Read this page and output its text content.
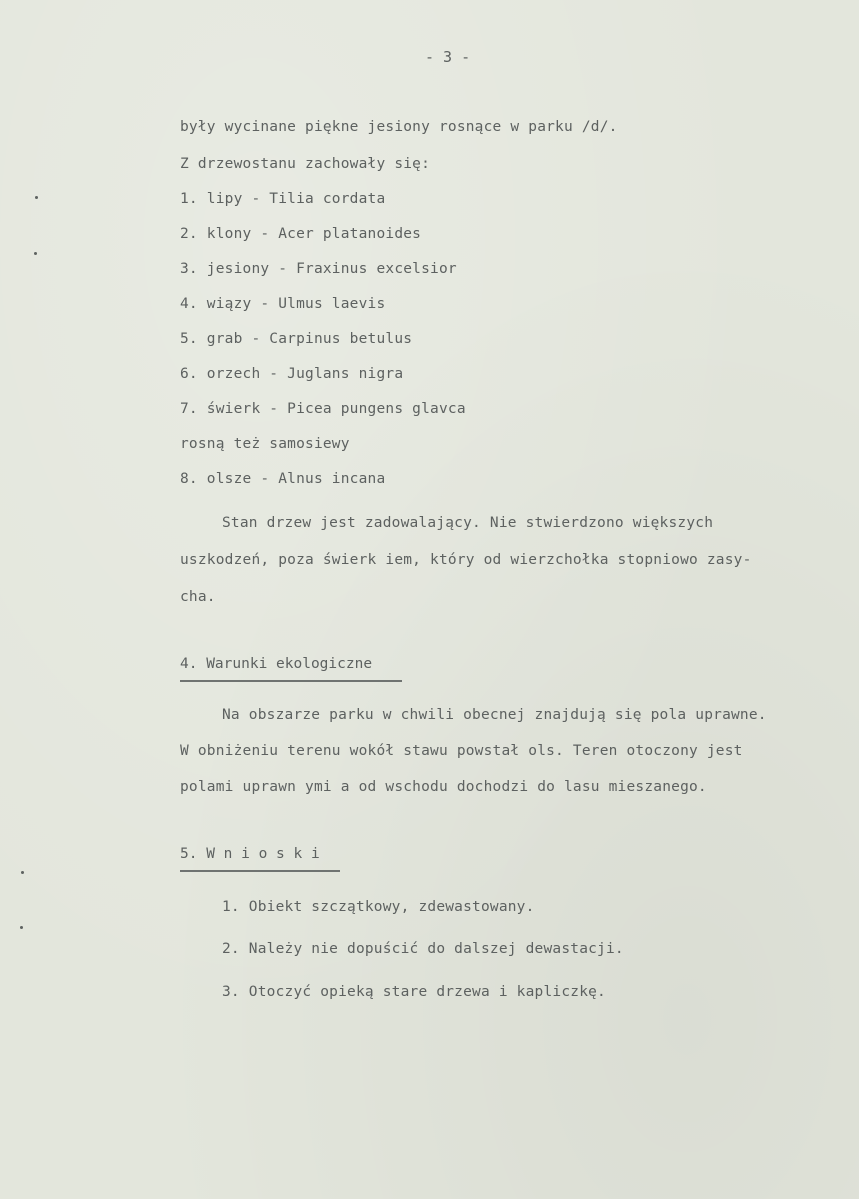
- 3 -
były wycinane piękne jesiony rosnące w parku /d/.
Z drzewostanu zachowały się:
1. lipy - Tilia cordata
2. klony - Acer platanoides
3. jesiony - Fraxinus excelsior
4. wiązy - Ulmus laevis
5. grab - Carpinus betulus
6. orzech - Juglans nigra
7. świerk - Picea pungens glavca
rosną też samosiewy
8. olsze - Alnus incana
Stan drzew jest zadowalający. Nie stwierdzono większych
uszkodzeń, poza świerk iem, który od wierzchołka stopniowo zasy-
cha.
4. Warunki ekologiczne
Na obszarze parku w chwili obecnej znajdują się pola uprawne.
W obniżeniu terenu wokół stawu powstał ols. Teren otoczony jest
polami uprawn ymi a od wschodu dochodzi do lasu mieszanego.
5. W n i o s k i
1. Obiekt szczątkowy, zdewastowany.
2. Należy nie dopuścić do dalszej dewastacji.
3. Otoczyć opieką stare drzewa i kapliczkę.
